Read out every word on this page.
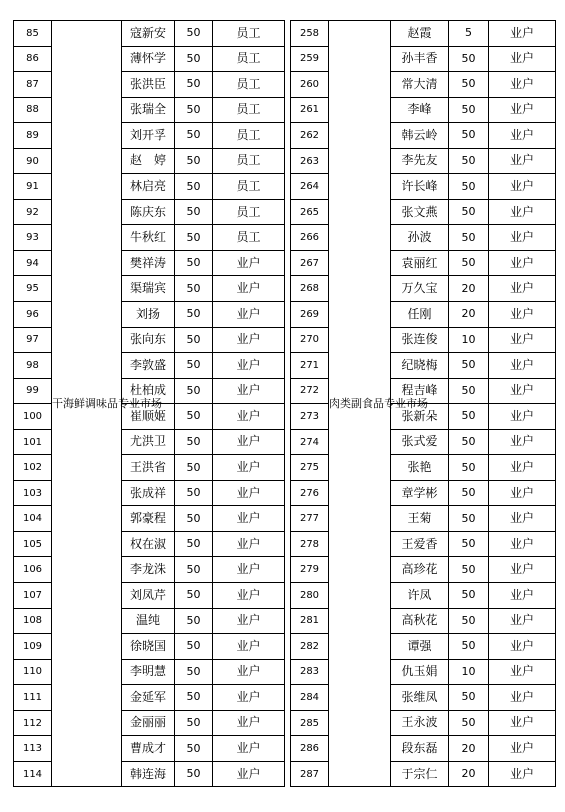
85	干海鲜调味品专业市场	寇新安	50	员工
86		薄怀学	50	员工
87		张洪臣	50	员工
88		张瑞全	50	员工
89		刘开孚	50	员工
90		赵　婷	50	员工
91		林启亮	50	员工
92		陈庆东	50	员工
93		牛秋红	50	员工
94		樊祥涛	50	业户
95		渠瑞宾	50	业户
96		刘扬	50	业户
97		张向东	50	业户
98		李敦盛	50	业户
99		杜柏成	50	业户
100		崔顺姬	50	业户
101		尤洪卫	50	业户
102		王洪省	50	业户
103		张成祥	50	业户
104		郭豪程	50	业户
105		权在淑	50	业户
106		李龙洙	50	业户
107		刘凤芹	50	业户
108		温纯	50	业户
109		徐晓国	50	业户
110		李明慧	50	业户
111		金延军	50	业户
112		金丽丽	50	业户
113		曹成才	50	业户
114		韩连海	50	业户
258	肉类副食品专业市场	赵霞	5	业户
259		孙丰香	50	业户
260		常大清	50	业户
261		李峰	50	业户
262		韩云岭	50	业户
263		李先友	50	业户
264		许长峰	50	业户
265		张文燕	50	业户
266		孙波	50	业户
267		袁丽红	50	业户
268		万久宝	20	业户
269		任刚	20	业户
270		张连俊	10	业户
271		纪晓梅	50	业户
272		程吉峰	50	业户
273		张新朵	50	业户
274		张式爱	50	业户
275		张艳	50	业户
276		章学彬	50	业户
277		王菊	50	业户
278		王爱香	50	业户
279		高珍花	50	业户
280		许凤	50	业户
281		高秋花	50	业户
282		谭强	50	业户
283		仇玉娟	10	业户
284		张维凤	50	业户
285		王永波	50	业户
286		段东磊	20	业户
287		于宗仁	20	业户
